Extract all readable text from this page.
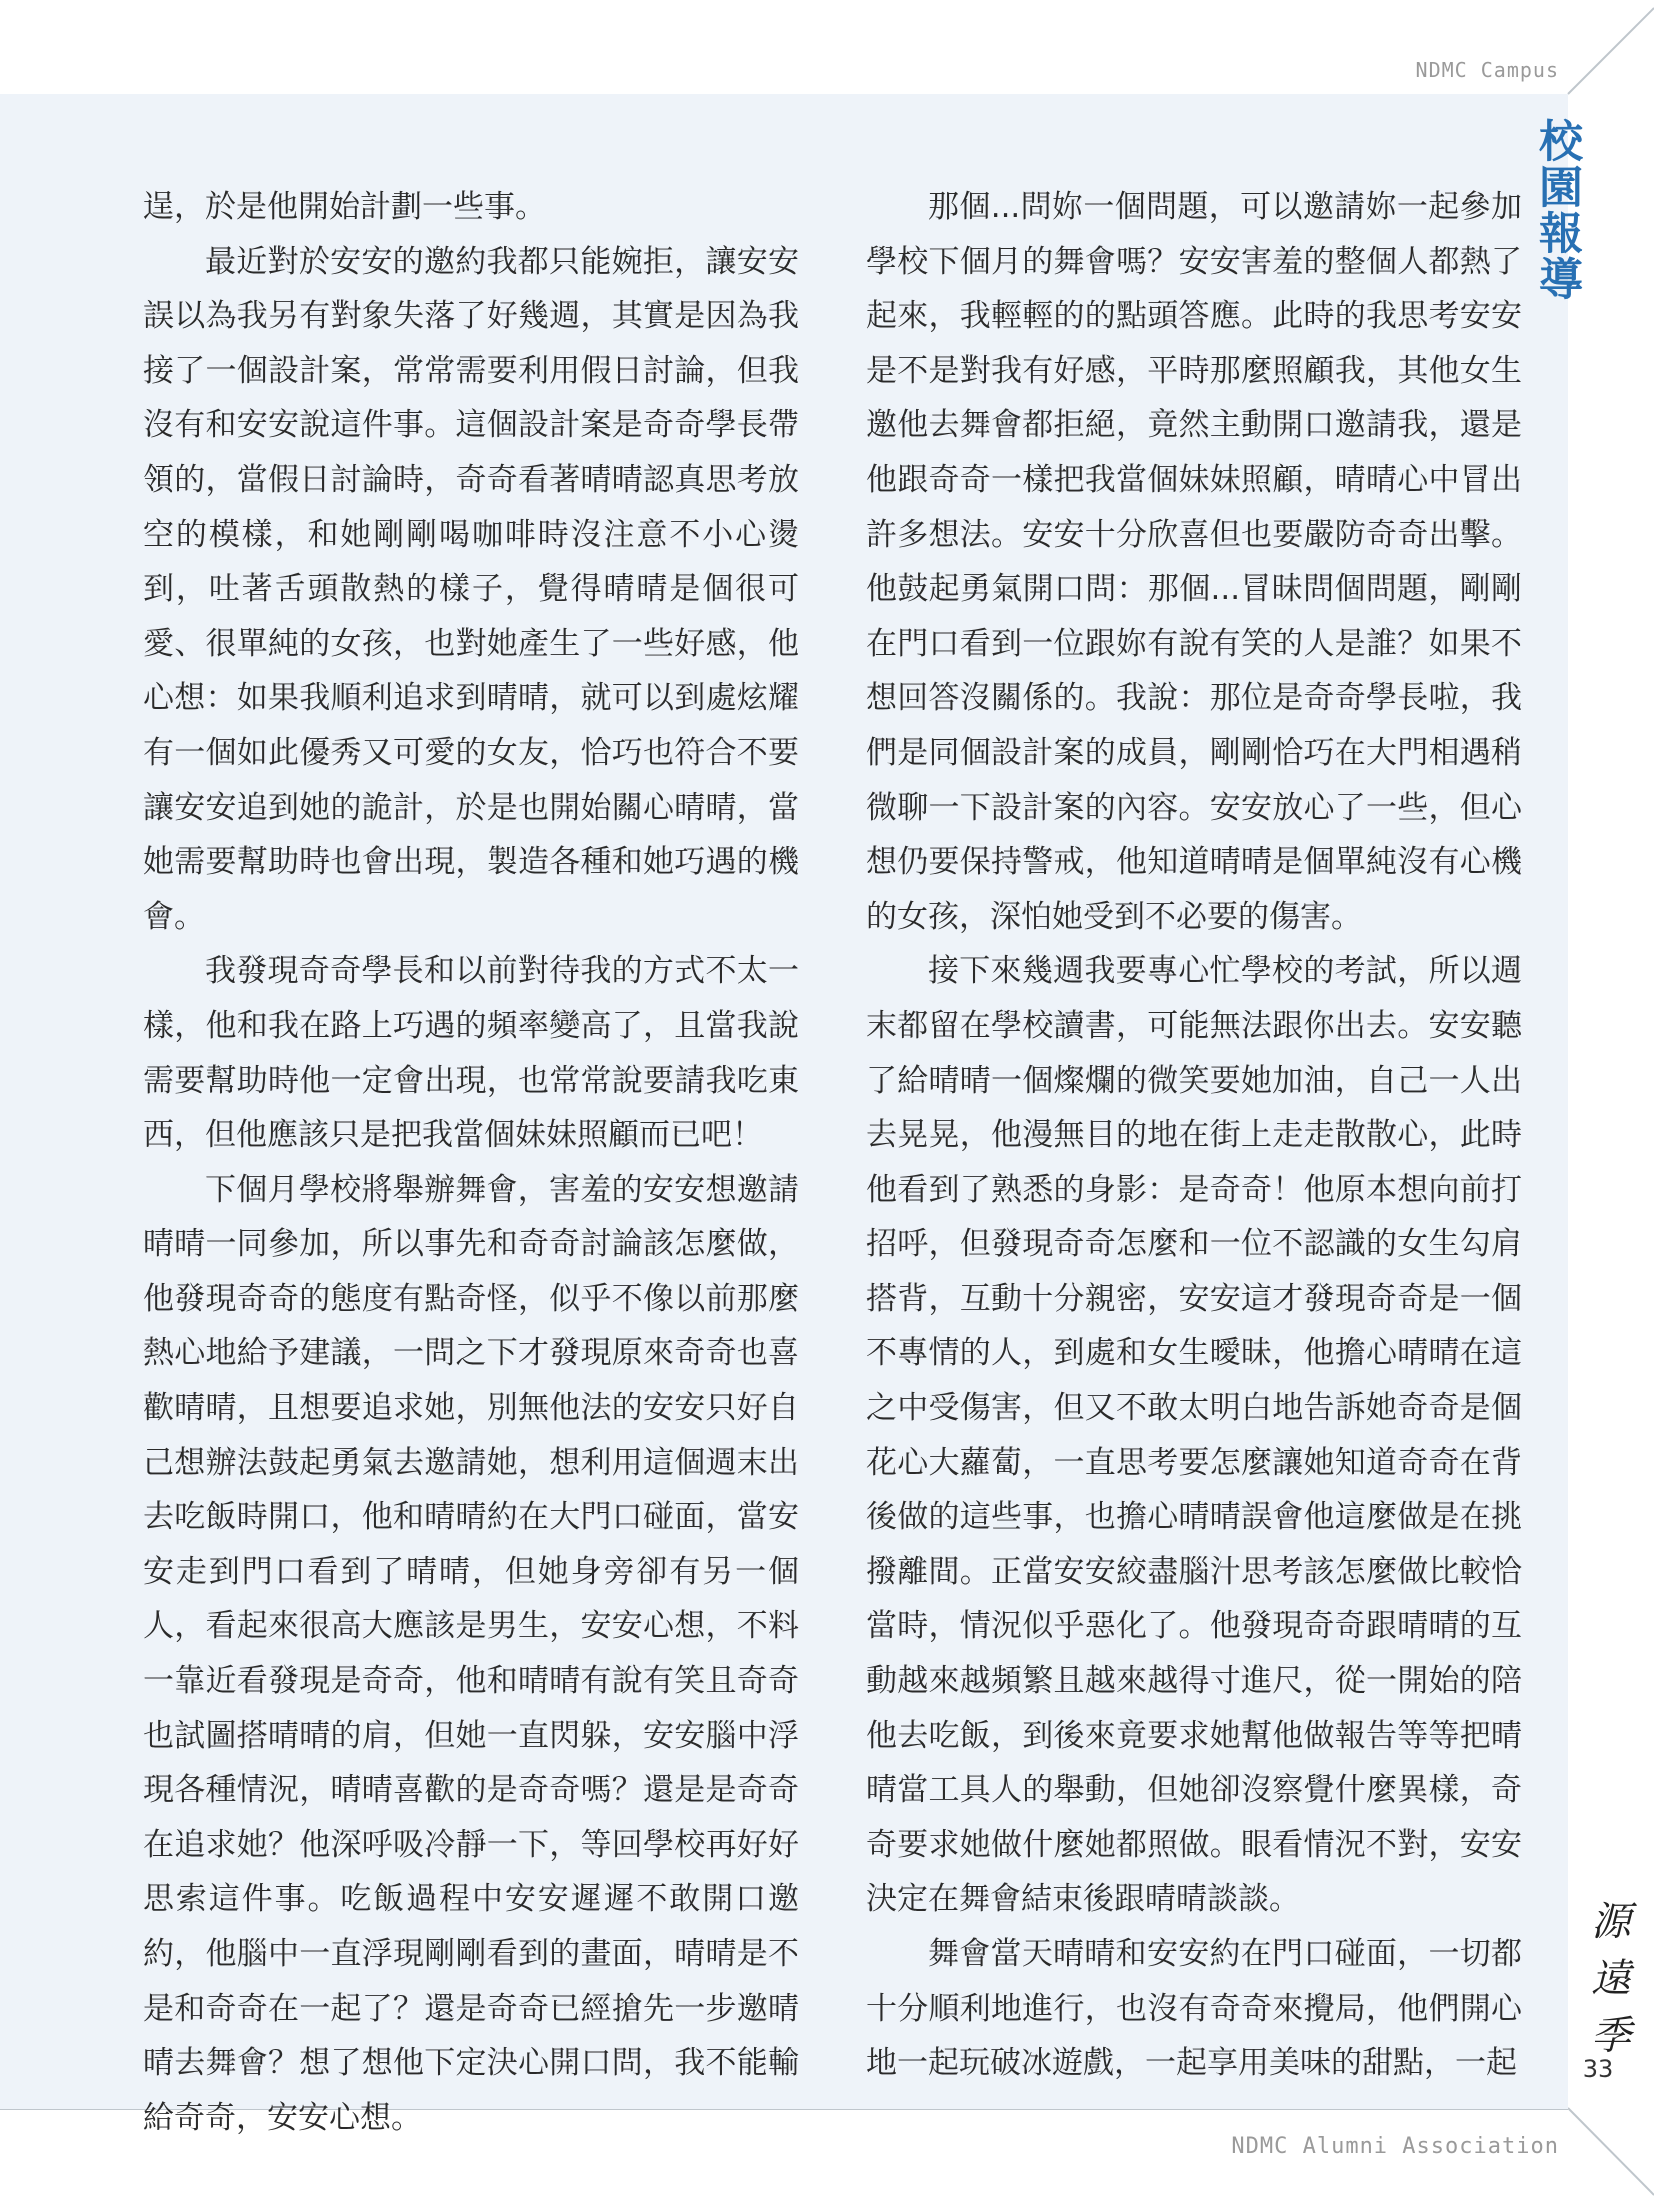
NDMC Campus
校園報導

逞，於是他開始計劃一些事。

最近對於安安的邀約我都只能婉拒，讓安安誤以為我另有對象失落了好幾週，其實是因為我接了一個設計案，常常需要利用假日討論，但我沒有和安安說這件事。這個設計案是奇奇學長帶領的，當假日討論時，奇奇看著晴晴認真思考放空的模樣，和她剛剛喝咖啡時沒注意不小心燙到，吐著舌頭散熱的樣子，覺得晴晴是個很可愛、很單純的女孩，也對她產生了一些好感，他心想：如果我順利追求到晴晴，就可以到處炫耀有一個如此優秀又可愛的女友，恰巧也符合不要讓安安追到她的詭計，於是也開始關心晴晴，當她需要幫助時也會出現，製造各種和她巧遇的機會。

我發現奇奇學長和以前對待我的方式不太一樣，他和我在路上巧遇的頻率變高了，且當我說需要幫助時他一定會出現，也常常說要請我吃東西，但他應該只是把我當個妹妹照顧而已吧！

下個月學校將舉辦舞會，害羞的安安想邀請晴晴一同參加，所以事先和奇奇討論該怎麼做，他發現奇奇的態度有點奇怪，似乎不像以前那麼熱心地給予建議，一問之下才發現原來奇奇也喜歡晴晴，且想要追求她，別無他法的安安只好自己想辦法鼓起勇氣去邀請她，想利用這個週末出去吃飯時開口，他和晴晴約在大門口碰面，當安安走到門口看到了晴晴，但她身旁卻有另一個人，看起來很高大應該是男生，安安心想，不料一靠近看發現是奇奇，他和晴晴有說有笑且奇奇也試圖搭晴晴的肩，但她一直閃躲，安安腦中浮現各種情況，晴晴喜歡的是奇奇嗎？還是是奇奇在追求她？他深呼吸冷靜一下，等回學校再好好思索這件事。吃飯過程中安安遲遲不敢開口邀約，他腦中一直浮現剛剛看到的畫面，晴晴是不是和奇奇在一起了？還是奇奇已經搶先一步邀晴晴去舞會？想了想他下定決心開口問，我不能輸給奇奇，安安心想。

那個...問妳一個問題，可以邀請妳一起參加學校下個月的舞會嗎？安安害羞的整個人都熱了起來，我輕輕的的點頭答應。此時的我思考安安是不是對我有好感，平時那麼照顧我，其他女生邀他去舞會都拒絕，竟然主動開口邀請我，還是他跟奇奇一樣把我當個妹妹照顧，晴晴心中冒出許多想法。安安十分欣喜但也要嚴防奇奇出擊。他鼓起勇氣開口問：那個...冒昧問個問題，剛剛在門口看到一位跟妳有說有笑的人是誰？如果不想回答沒關係的。我說：那位是奇奇學長啦，我們是同個設計案的成員，剛剛恰巧在大門相遇稍微聊一下設計案的內容。安安放心了一些，但心想仍要保持警戒，他知道晴晴是個單純沒有心機的女孩，深怕她受到不必要的傷害。

接下來幾週我要專心忙學校的考試，所以週末都留在學校讀書，可能無法跟你出去。安安聽了給晴晴一個燦爛的微笑要她加油，自己一人出去晃晃，他漫無目的地在街上走走散散心，此時他看到了熟悉的身影：是奇奇！他原本想向前打招呼，但發現奇奇怎麼和一位不認識的女生勾肩搭背，互動十分親密，安安這才發現奇奇是一個不專情的人，到處和女生曖昧，他擔心晴晴在這之中受傷害，但又不敢太明白地告訴她奇奇是個花心大蘿蔔，一直思考要怎麼讓她知道奇奇在背後做的這些事，也擔心晴晴誤會他這麼做是在挑撥離間。正當安安絞盡腦汁思考該怎麼做比較恰當時，情況似乎惡化了。他發現奇奇跟晴晴的互動越來越頻繁且越來越得寸進尺，從一開始的陪他去吃飯，到後來竟要求她幫他做報告等等把晴晴當工具人的舉動，但她卻沒察覺什麼異樣，奇奇要求她做什麼她都照做。眼看情況不對，安安決定在舞會結束後跟晴晴談談。

舞會當天晴晴和安安約在門口碰面，一切都十分順利地進行，也沒有奇奇來攪局，他們開心地一起玩破冰遊戲，一起享用美味的甜點，一起

源
遠
季
33
NDMC Alumni Association
